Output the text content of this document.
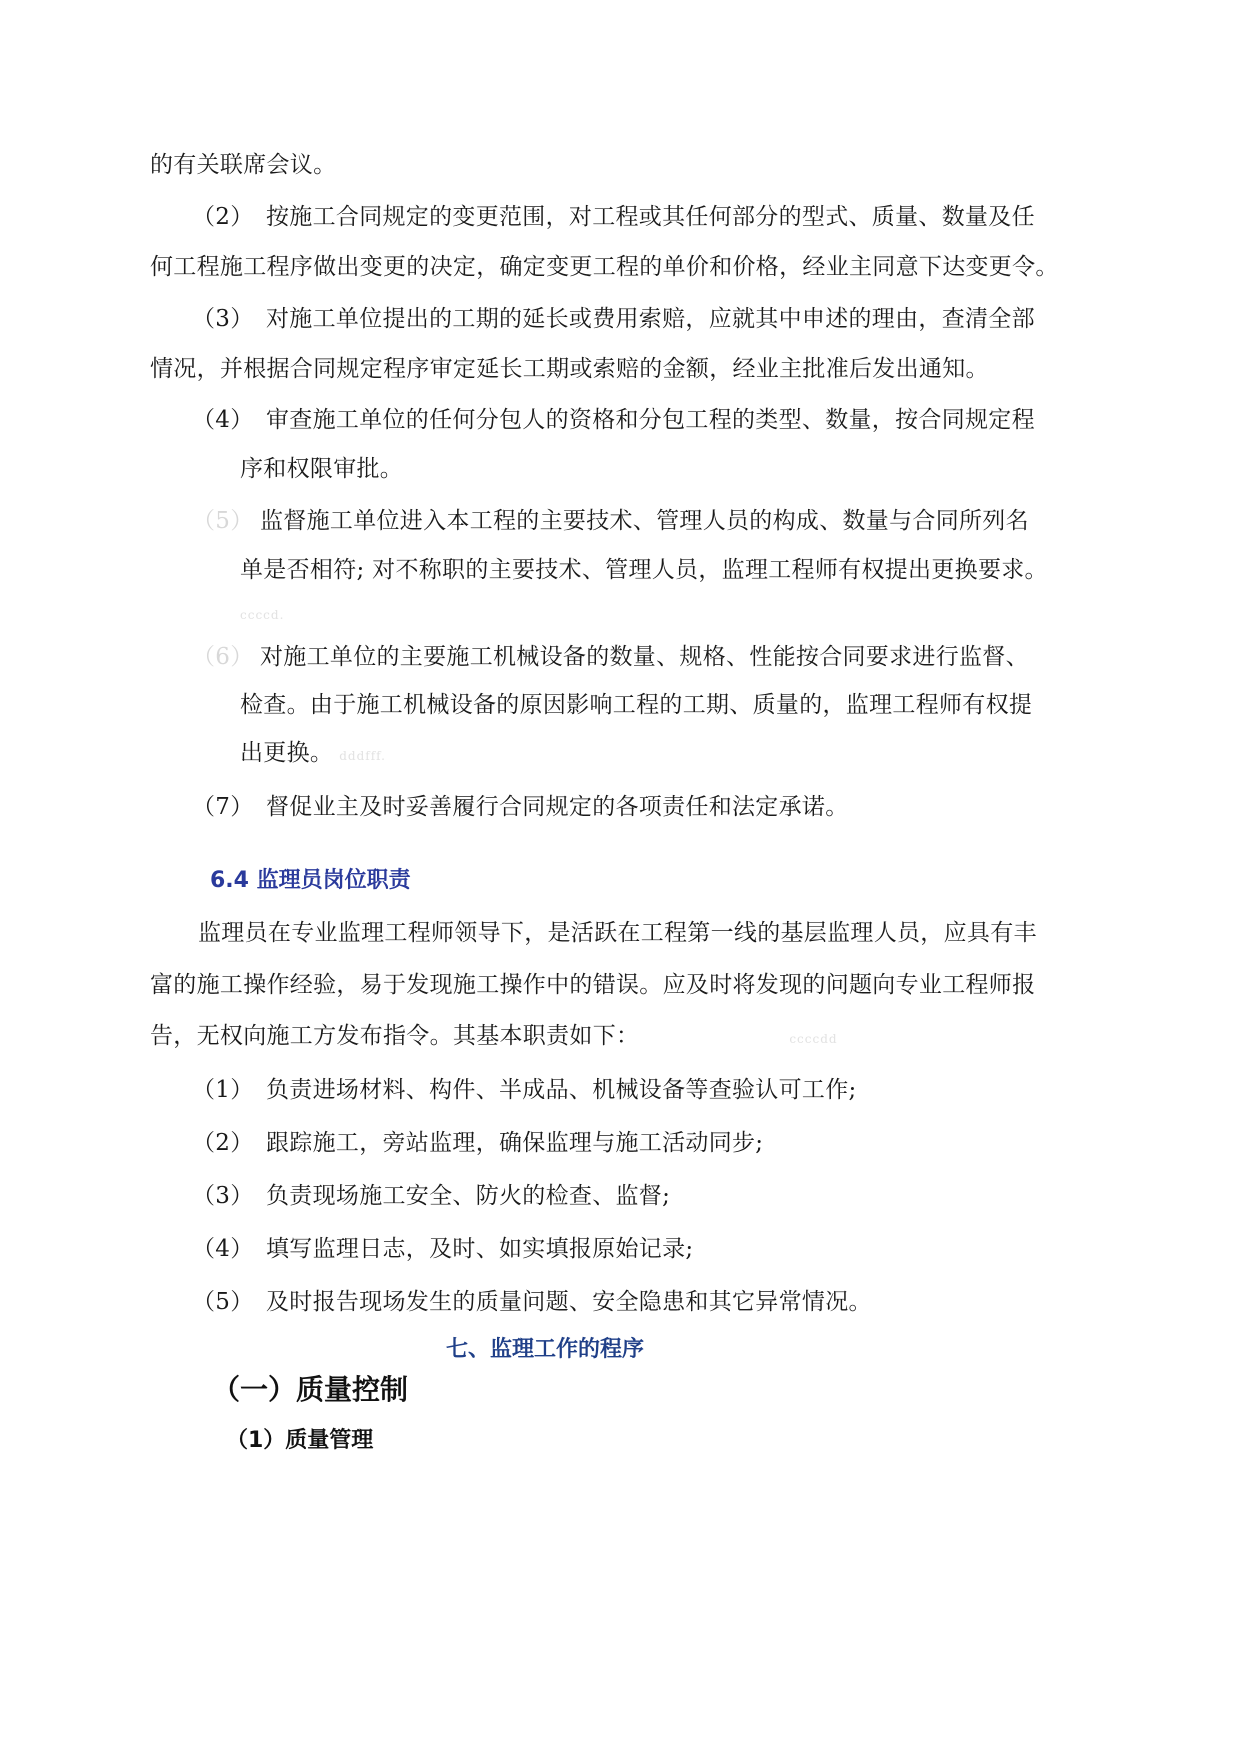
的有关联席会议。
（2） 按施工合同规定的变更范围，对工程或其任何部分的型式、质量、数量及任
何工程施工程序做出变更的决定，确定变更工程的单价和价格，经业主同意下达变更令。
（3） 对施工单位提出的工期的延长或费用索赔，应就其中申述的理由，查清全部
情况，并根据合同规定程序审定延长工期或索赔的金额，经业主批准后发出通知。
（4） 审查施工单位的任何分包人的资格和分包工程的类型、数量，按合同规定程
序和权限审批。
（5） 监督施工单位进入本工程的主要技术、管理人员的构成、数量与合同所列名
单是否相符; 对不称职的主要技术、管理人员，监理工程师有权提出更换要求。
ccccd.
（6） 对施工单位的主要施工机械设备的数量、规格、性能按合同要求进行监督、
检查。由于施工机械设备的原因影响工程的工期、质量的，监理工程师有权提
出更换。 dddfff.
（7） 督促业主及时妥善履行合同规定的各项责任和法定承诺。
6.4 监理员岗位职责
监理员在专业监理工程师领导下，是活跃在工程第一线的基层监理人员，应具有丰
富的施工操作经验，易于发现施工操作中的错误。应及时将发现的问题向专业工程师报
告，无权向施工方发布指令。其基本职责如下：	ccccdd
（1） 负责进场材料、构件、半成品、机械设备等查验认可工作;
（2） 跟踪施工，旁站监理，确保监理与施工活动同步;
（3） 负责现场施工安全、防火的检查、监督;
（4） 填写监理日志，及时、如实填报原始记录;
（5） 及时报告现场发生的质量问题、安全隐患和其它异常情况。
七、监理工作的程序
（一）质量控制
（1）质量管理
